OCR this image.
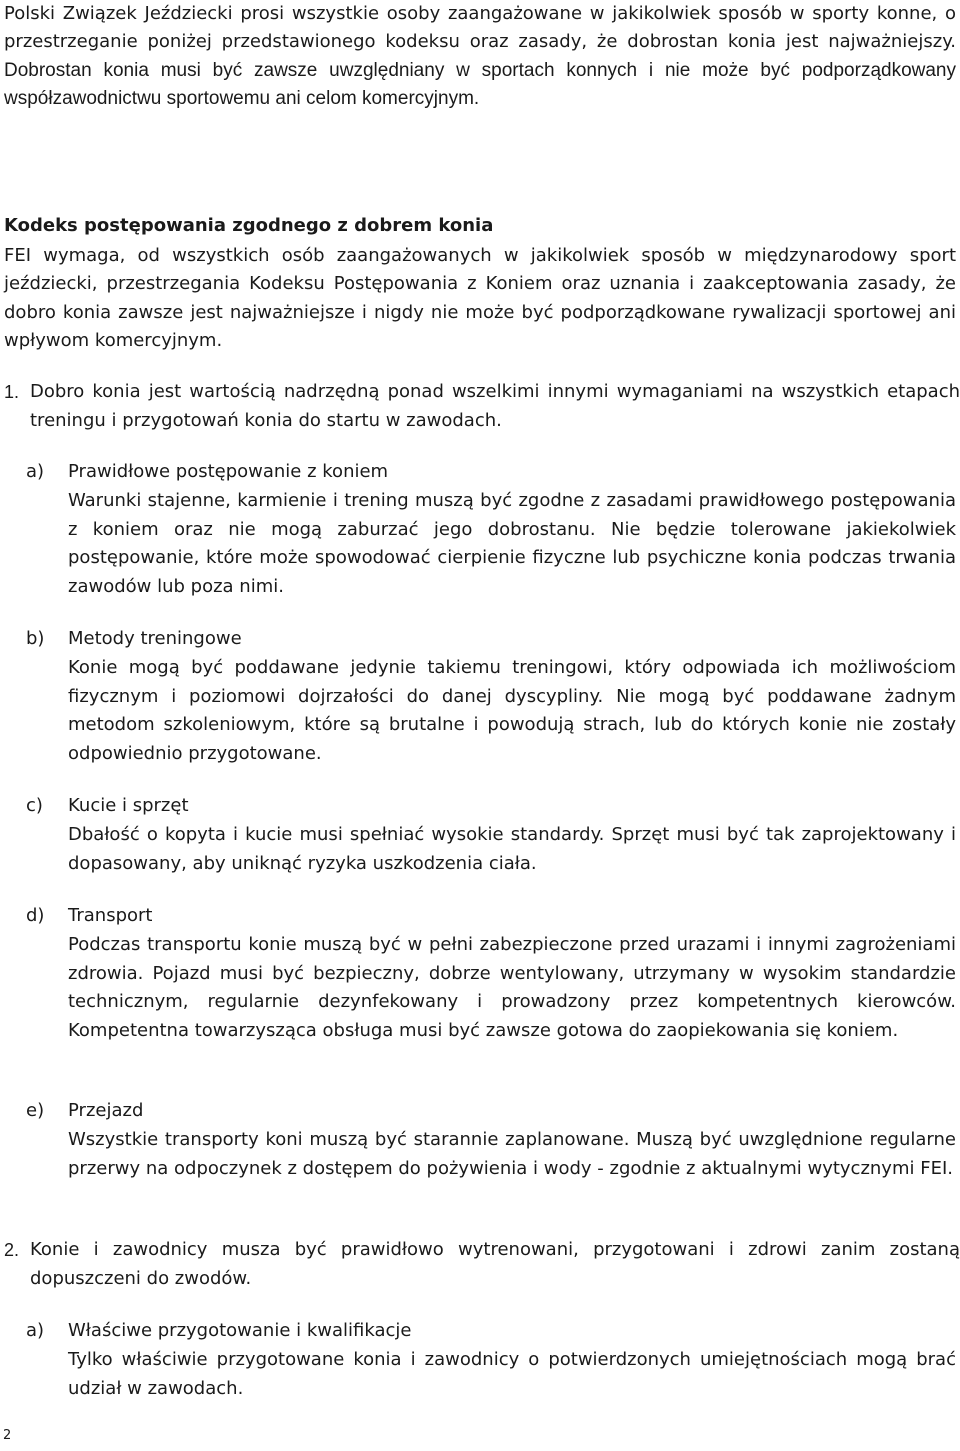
Polski Związek Jeździecki prosi wszystkie osoby zaangażowane w jakikolwiek sposób w sporty konne, o przestrzeganie poniżej przedstawionego kodeksu oraz zasady, że dobrostan konia jest najważniejszy. Dobrostan konia musi być zawsze uwzględniany w sportach konnych i nie może być podporządkowany współzawodnictwu sportowemu ani celom komercyjnym.

Kodeks postępowania zgodnego z dobrem konia

FEI wymaga, od wszystkich osób zaangażowanych w jakikolwiek sposób w międzynarodowy sport jeździecki, przestrzegania Kodeksu Postępowania z Koniem oraz uznania i zaakceptowania zasady, że dobro konia zawsze jest najważniejsze i nigdy nie może być podporządkowane rywalizacji sportowej ani wpływom komercyjnym.

1. Dobro konia jest wartością nadrzędną ponad wszelkimi innymi wymaganiami na wszystkich etapach treningu i przygotowań konia do startu w zawodach.
a) Prawidłowe postępowanie z koniem
Warunki stajenne, karmienie i trening muszą być zgodne z zasadami prawidłowego postępowania z koniem oraz nie mogą zaburzać jego dobrostanu. Nie będzie tolerowane jakiekolwiek postępowanie, które może spowodować cierpienie fizyczne lub psychiczne konia podczas trwania zawodów lub poza nimi.
b) Metody treningowe
Konie mogą być poddawane jedynie takiemu treningowi, który odpowiada ich możliwościom fizycznym i poziomowi dojrzałości do danej dyscypliny. Nie mogą być poddawane żadnym metodom szkoleniowym, które są brutalne i powodują strach, lub do których konie nie zostały odpowiednio przygotowane.
c) Kucie i sprzęt
Dbałość o kopyta i kucie musi spełniać wysokie standardy. Sprzęt musi być tak zaprojektowany i dopasowany, aby uniknąć ryzyka uszkodzenia ciała.
d) Transport
Podczas transportu konie muszą być w pełni zabezpieczone przed urazami i innymi zagrożeniami zdrowia. Pojazd musi być bezpieczny, dobrze wentylowany, utrzymany w wysokim standardzie technicznym, regularnie dezynfekowany i prowadzony przez kompetentnych kierowców. Kompetentna towarzysząca obsługa musi być zawsze gotowa do zaopiekowania się koniem.
e) Przejazd
Wszystkie transporty koni muszą być starannie zaplanowane. Muszą być uwzględnione regularne przerwy na odpoczynek z dostępem do pożywienia i wody - zgodnie z aktualnymi wytycznymi FEI.
2. Konie i zawodnicy musza być prawidłowo wytrenowani, przygotowani i zdrowi zanim zostaną dopuszczeni do zwodów.
a) Właściwe przygotowanie i kwalifikacje
Tylko właściwie przygotowane konia i zawodnicy o potwierdzonych umiejętnościach mogą brać udział w zawodach.
2
